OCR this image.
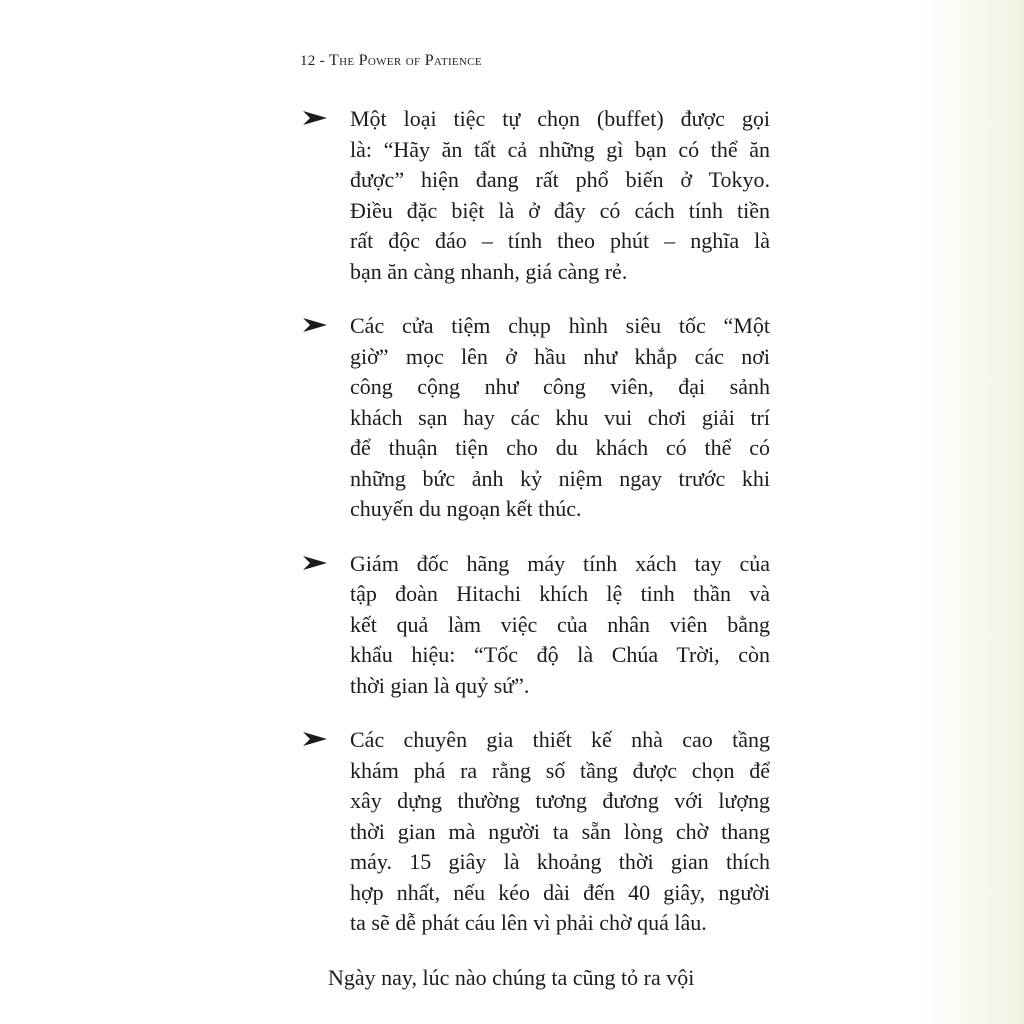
12 - The Power of Patience
Một loại tiệc tự chọn (buffet) được gọi
là: “Hãy ăn tất cả những gì bạn có thể ăn
được” hiện đang rất phổ biến ở Tokyo.
Điều đặc biệt là ở đây có cách tính tiền
rất độc đáo – tính theo phút – nghĩa là
bạn ăn càng nhanh, giá càng rẻ.
Các cửa tiệm chụp hình siêu tốc “Một
giờ” mọc lên ở hầu như khắp các nơi
công cộng như công viên, đại sảnh
khách sạn hay các khu vui chơi giải trí
để thuận tiện cho du khách có thể có
những bức ảnh kỷ niệm ngay trước khi
chuyến du ngoạn kết thúc.
Giám đốc hãng máy tính xách tay của
tập đoàn Hitachi khích lệ tinh thần và
kết quả làm việc của nhân viên bằng
khẩu hiệu: “Tốc độ là Chúa Trời, còn
thời gian là quỷ sứ”.
Các chuyên gia thiết kế nhà cao tầng
khám phá ra rằng số tầng được chọn để
xây dựng thường tương đương với lượng
thời gian mà người ta sẵn lòng chờ thang
máy. 15 giây là khoảng thời gian thích
hợp nhất, nếu kéo dài đến 40 giây, người
ta sẽ dễ phát cáu lên vì phải chờ quá lâu.
Ngày nay, lúc nào chúng ta cũng tỏ ra vội
